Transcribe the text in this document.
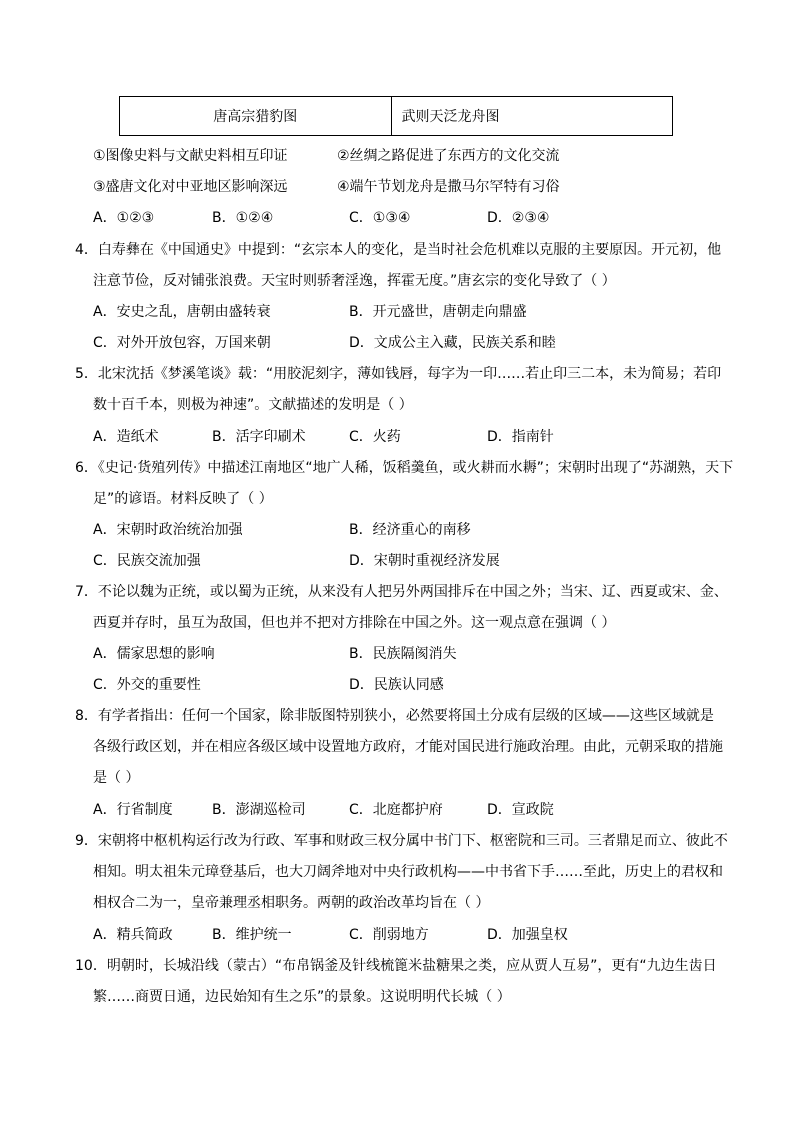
唐高宗猎豹图	武则天泛龙舟图
①图像史料与文献史料相互印证	②丝绸之路促进了东西方的文化交流
③盛唐文化对中亚地区影响深远	④端午节划龙舟是撒马尔罕特有习俗
A．①②③	B．①②④	C．①③④	D．②③④
4．白寿彝在《中国通史》中提到：“玄宗本人的变化，是当时社会危机难以克服的主要原因。开元初，他
注意节俭，反对铺张浪费。天宝时则骄奢淫逸，挥霍无度。”唐玄宗的变化导致了（ ）
A．安史之乱，唐朝由盛转衰	B．开元盛世，唐朝走向鼎盛
C．对外开放包容，万国来朝	D．文成公主入藏，民族关系和睦
5．北宋沈括《梦溪笔谈》载：“用胶泥刻字，薄如钱唇，每字为一印……若止印三二本，未为简易；若印
数十百千本，则极为神速”。文献描述的发明是（ ）
A．造纸术	B．活字印刷术	C．火药	D．指南针
6．《史记·货殖列传》中描述江南地区“地广人稀，饭稻羹鱼，或火耕而水耨”；宋朝时出现了“苏湖熟，天下
足”的谚语。材料反映了（ ）
A．宋朝时政治统治加强	B．经济重心的南移
C．民族交流加强	D．宋朝时重视经济发展
7．不论以魏为正统，或以蜀为正统，从来没有人把另外两国排斥在中国之外；当宋、辽、西夏或宋、金、
西夏并存时，虽互为敌国，但也并不把对方排除在中国之外。这一观点意在强调（ ）
A．儒家思想的影响	B．民族隔阂消失
C．外交的重要性	D．民族认同感
8．有学者指出：任何一个国家，除非版图特别狭小，必然要将国土分成有层级的区域——这些区域就是
各级行政区划，并在相应各级区域中设置地方政府，才能对国民进行施政治理。由此，元朝采取的措施
是（ ）
A．行省制度	B．澎湖巡检司	C．北庭都护府	D．宣政院
9．宋朝将中枢机构运行改为行政、军事和财政三权分属中书门下、枢密院和三司。三者鼎足而立、彼此不
相知。明太祖朱元璋登基后，也大刀阔斧地对中央行政机构——中书省下手……至此，历史上的君权和
相权合二为一，皇帝兼理丞相职务。两朝的政治改革均旨在（ ）
A．精兵简政	B．维护统一	C．削弱地方	D．加强皇权
10．明朝时，长城沿线（蒙古）“布帛锅釜及针线梳篦米盐糖果之类，应从贾人互易”，更有“九边生齿日
繁……商贾日通，边民始知有生之乐”的景象。这说明明代长城（ ）
